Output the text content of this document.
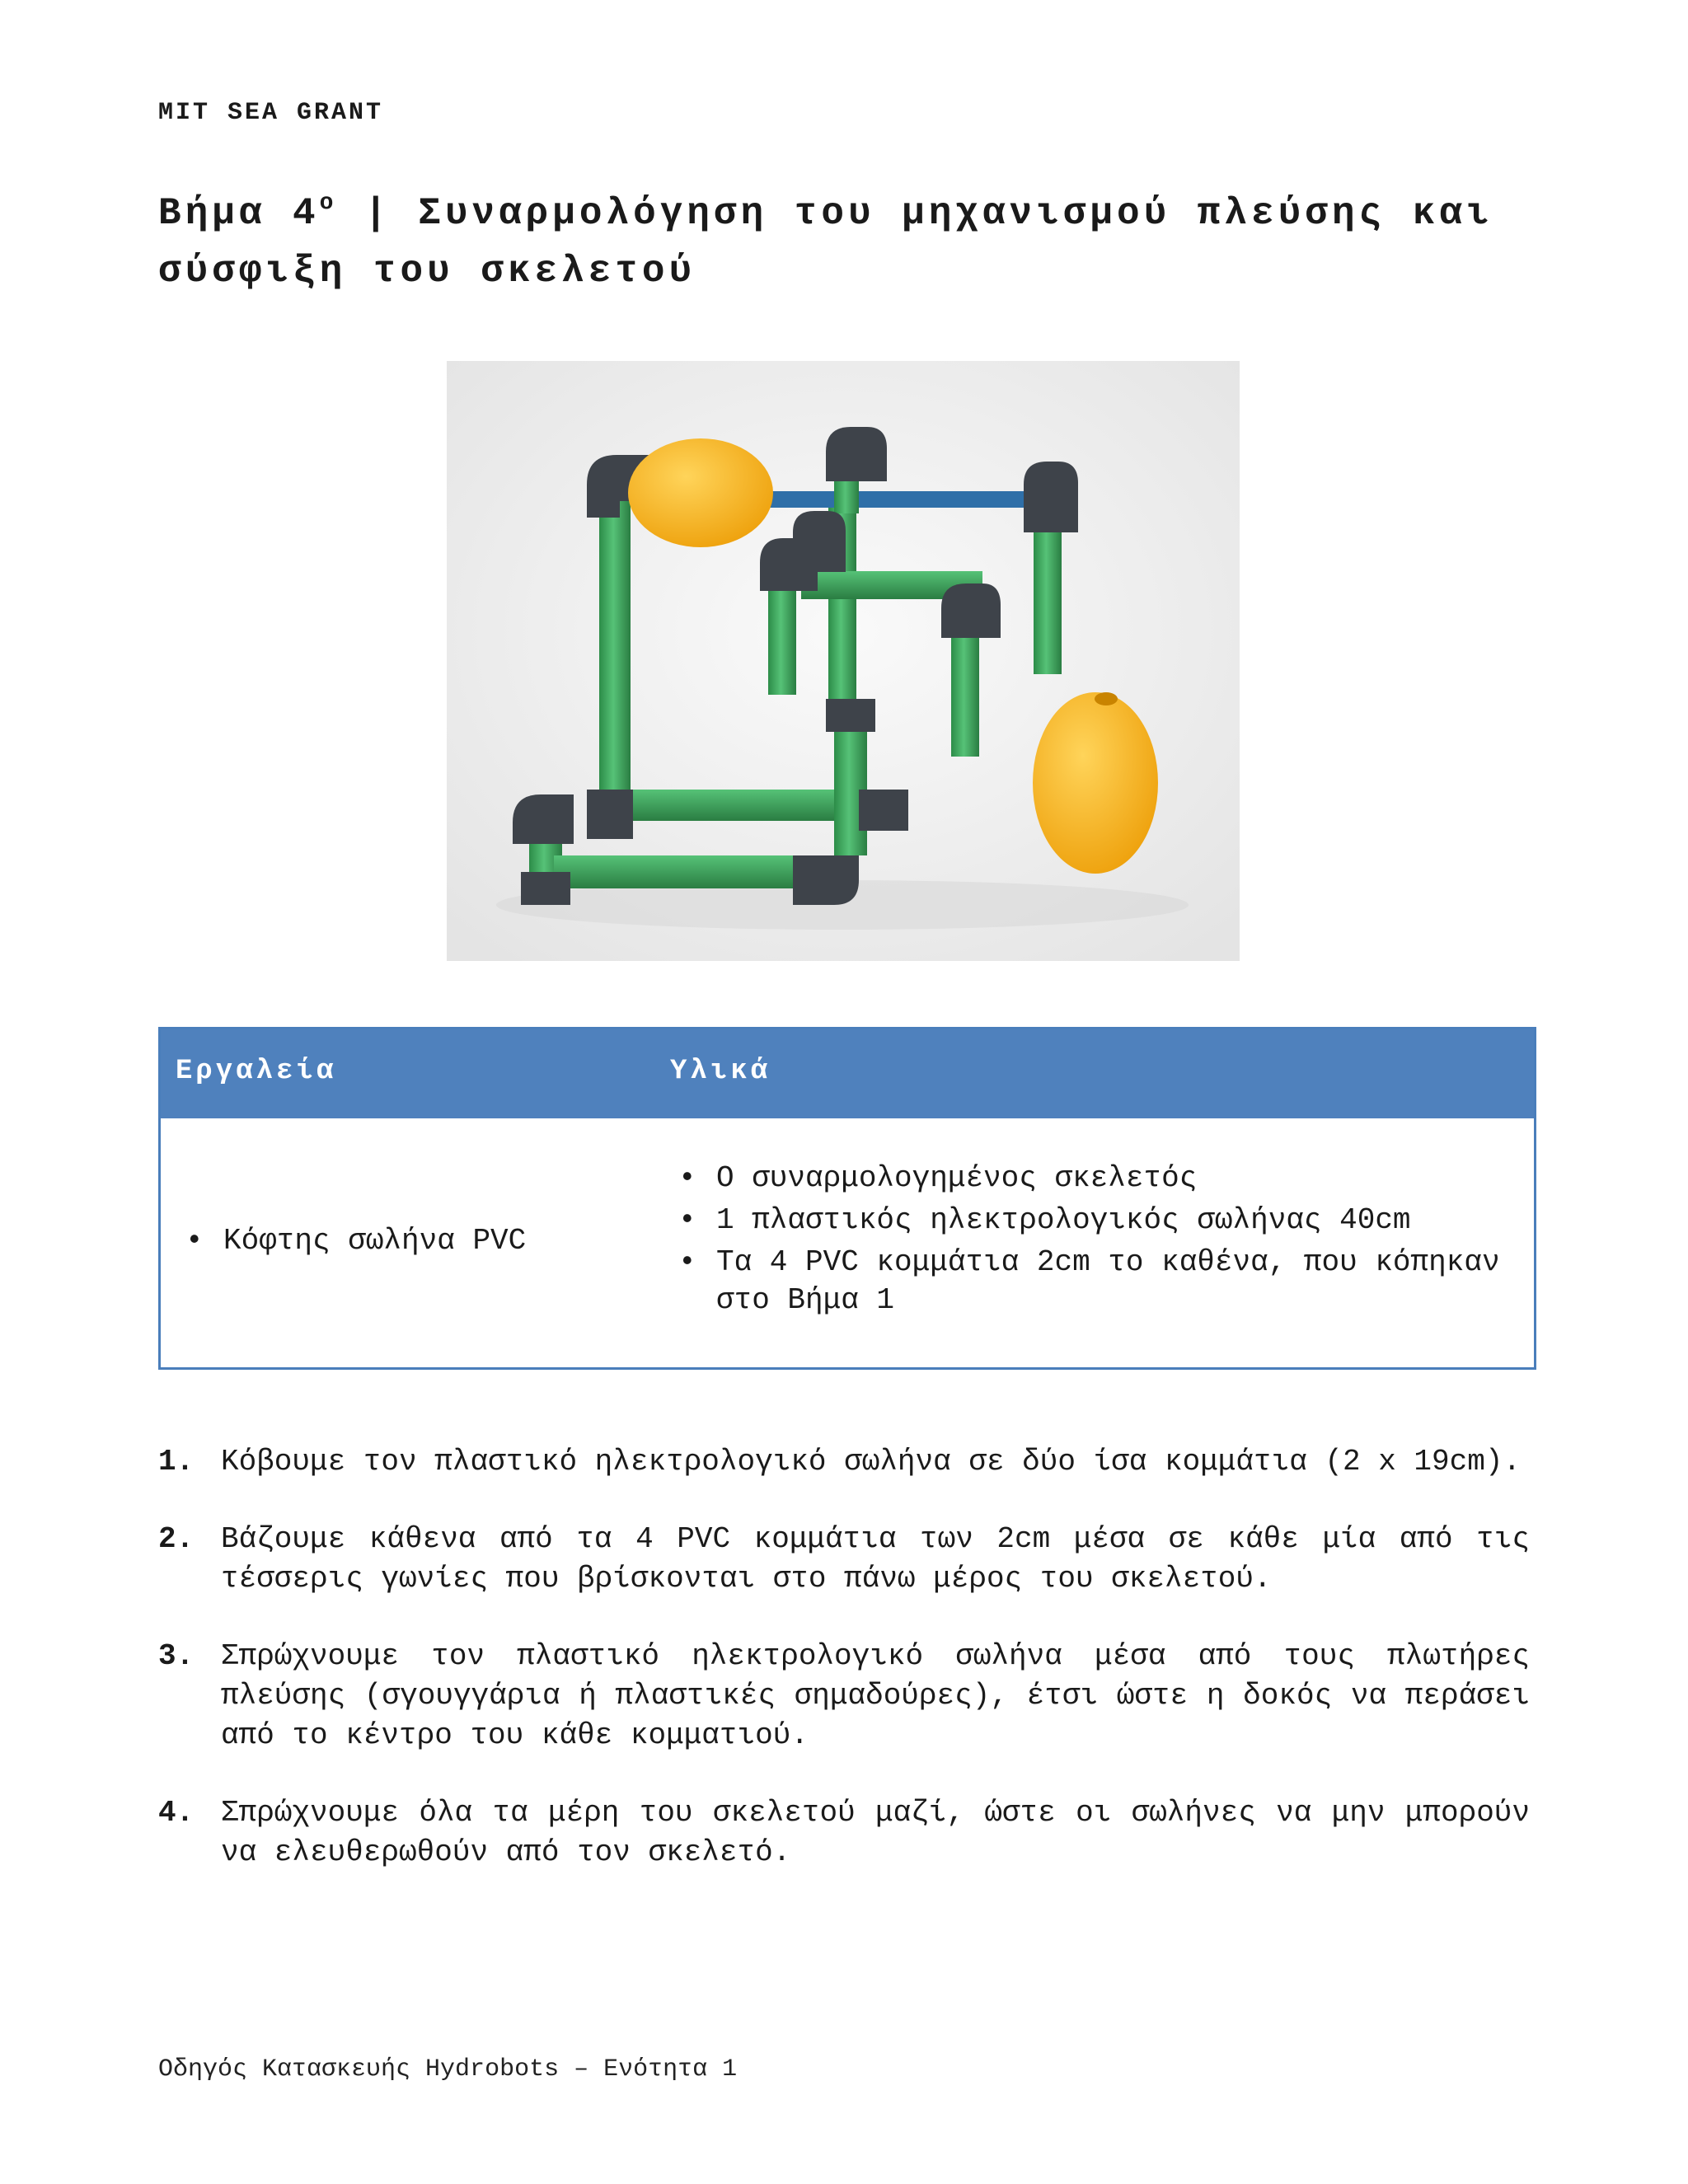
MIT SEA GRANT
Βήμα $4^o$ | Συναρμολόγηση του μηχανισμού πλεύσης και
σύσφιξη του σκελετού
Εργαλεία	Υλικά
• Κόφτης σωλήνα PVC
• Ο συναρμολογημένος σκελετός
• 1 πλαστικός ηλεκτρολογικός σωλήνας 40cm
• Τα 4 PVC κομμάτια 2cm το καθένα, που κόπηκαν στο Βήμα 1
1. Κόβουμε τον πλαστικό ηλεκτρολογικό σωλήνα σε δύο ίσα κομμάτια (2 x 19cm).
2. Βάζουμε κάθενα από τα 4 PVC κομμάτια των 2cm μέσα σε κάθε μία από τις τέσσερις γωνίες που βρίσκονται στο πάνω μέρος του σκελετού.
3. Σπρώχνουμε τον πλαστικό ηλεκτρολογικό σωλήνα μέσα από τους πλωτήρες πλεύσης (σγουγγάρια ή πλαστικές σημαδούρες), έτσι ώστε η δοκός να περάσει από το κέντρο του κάθε κομματιού.
4. Σπρώχνουμε όλα τα μέρη του σκελετού μαζί, ώστε οι σωλήνες να μην μπορούν να ελευθερωθούν από τον σκελετό.
Οδηγός Κατασκευής Hydrobots – Ενότητα 1
